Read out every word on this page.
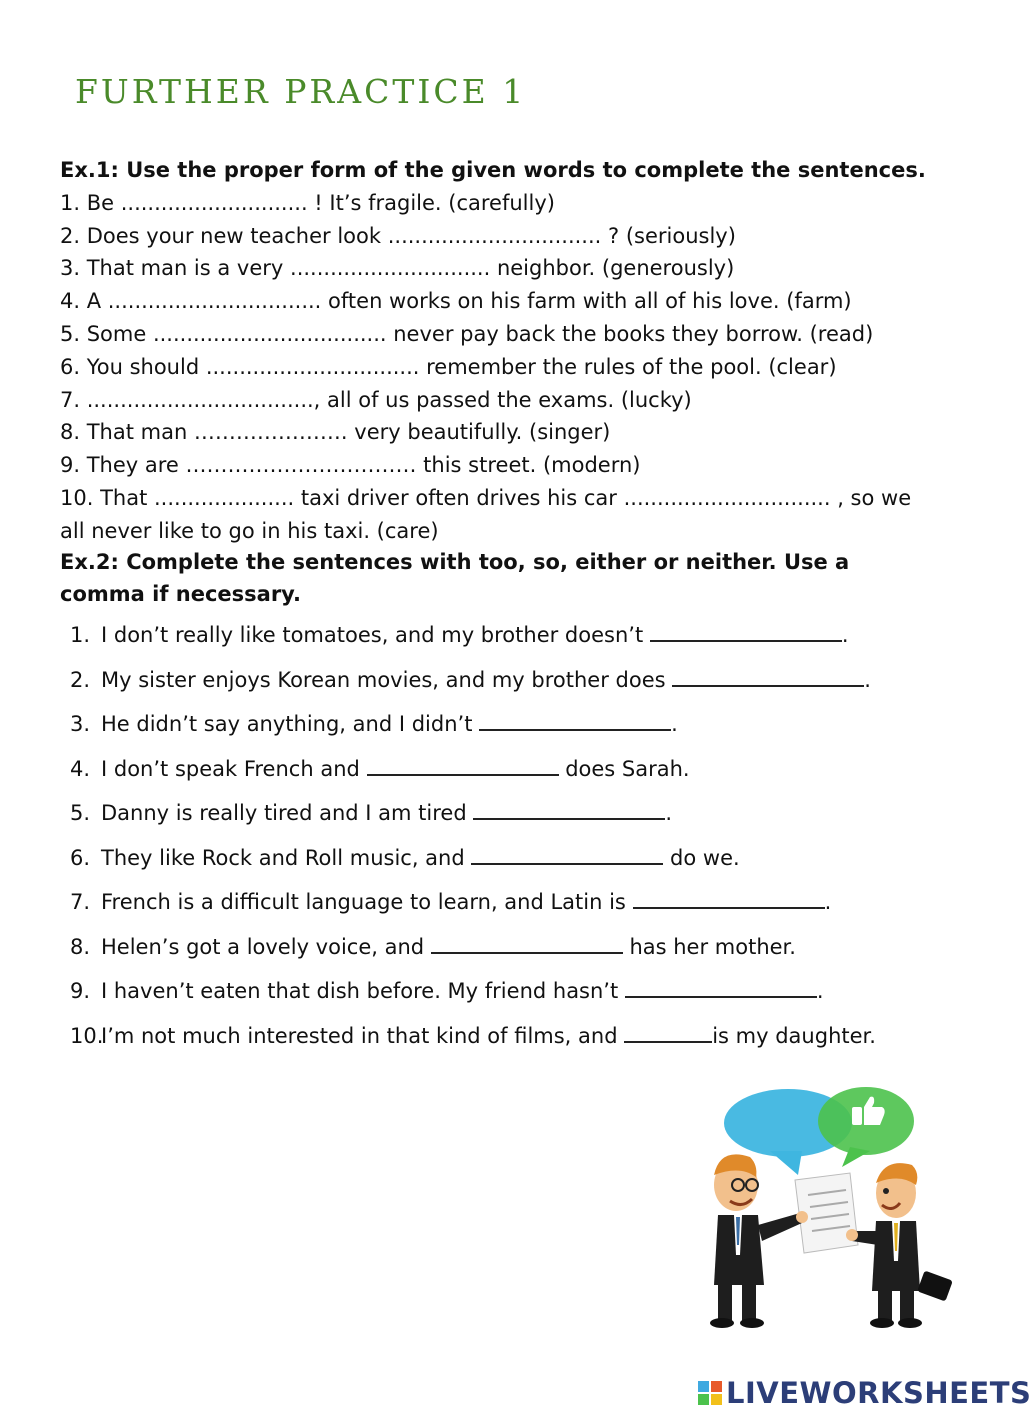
FURTHER PRACTICE 1
Ex.1: Use the proper form of the given words to complete the sentences.
1. Be ............................ ! It’s fragile. (carefully)
2. Does your new teacher look ................................ ? (seriously)
3. That man is a very .............................. neighbor. (generously)
4. A ................................ often works on his farm with all of his love. (farm)
5. Some ................................... never pay back the books they borrow. (read)
6. You should ................................ remember the rules of the pool. (clear)
7. .................................., all of us passed the exams. (lucky)
8. That man …………………. very beautifully. (singer)
9. They are …………………………… this street. (modern)
10. That ..................... taxi driver often drives his car ............................... , so we all never like to go in his taxi. (care)
Ex.2: Complete the sentences with too, so, either or neither. Use a comma if necessary.
1. I don’t really like tomatoes, and my brother doesn’t	.
2. My sister enjoys Korean movies, and my brother does	.
3. He didn’t say anything, and I didn’t	.
4. I don’t speak French and	does Sarah.
5. Danny is really tired and I am tired	.
6. They like Rock and Roll music, and	do we.
7. French is a difficult language to learn, and Latin is	.
8. Helen’s got a lovely voice, and	has her mother.
9. I haven’t eaten that dish before. My friend hasn’t	.
10.I’m not much interested in that kind of films, and	is my daughter.
LIVEWORKSHEETS
